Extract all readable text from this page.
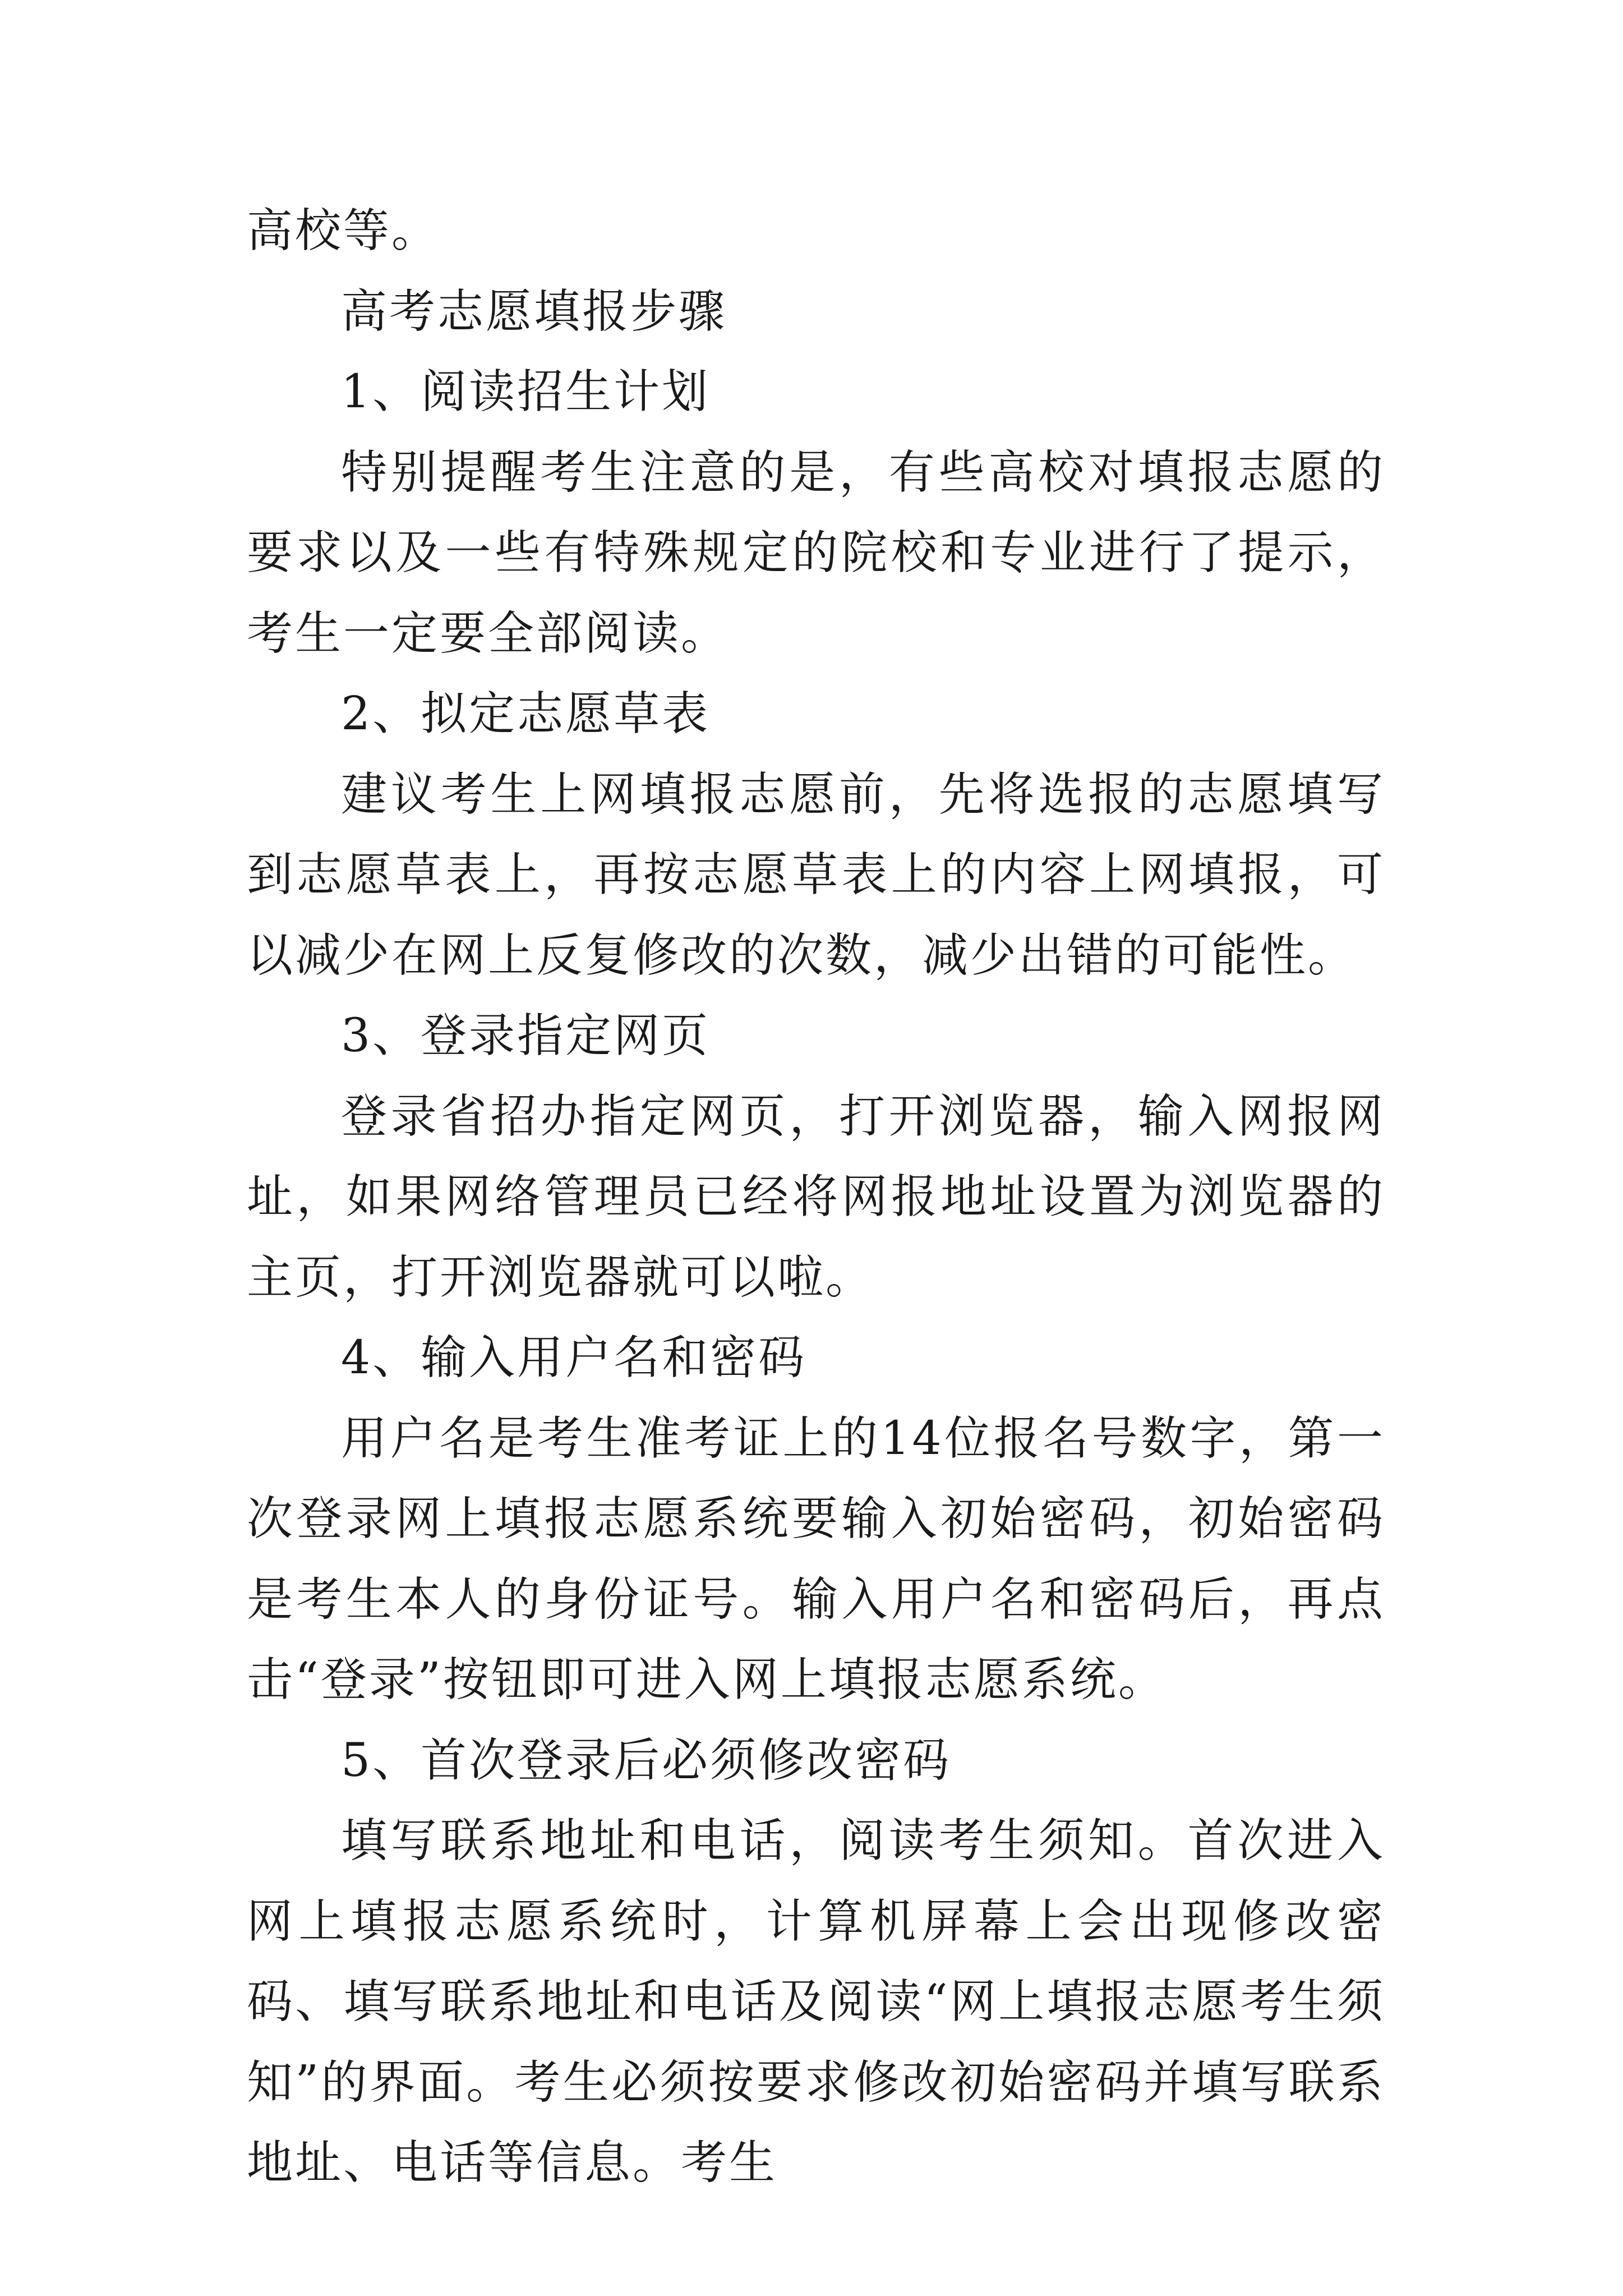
高校等。

高考志愿填报步骤

1、阅读招生计划

特别提醒考生注意的是，有些高校对填报志愿的要求以及一些有特殊规定的院校和专业进行了提示，考生一定要全部阅读。

2、拟定志愿草表

建议考生上网填报志愿前，先将选报的志愿填写到志愿草表上，再按志愿草表上的内容上网填报，可以减少在网上反复修改的次数，减少出错的可能性。

3、登录指定网页

登录省招办指定网页，打开浏览器，输入网报网址，如果网络管理员已经将网报地址设置为浏览器的主页，打开浏览器就可以啦。

4、输入用户名和密码

用户名是考生准考证上的14位报名号数字，第一次登录网上填报志愿系统要输入初始密码，初始密码是考生本人的身份证号。输入用户名和密码后，再点击“登录”按钮即可进入网上填报志愿系统。

5、首次登录后必须修改密码

填写联系地址和电话，阅读考生须知。首次进入网上填报志愿系统时，计算机屏幕上会出现修改密码、填写联系地址和电话及阅读“网上填报志愿考生须知”的界面。考生必须按要求修改初始密码并填写联系地址、电话等信息。考生
